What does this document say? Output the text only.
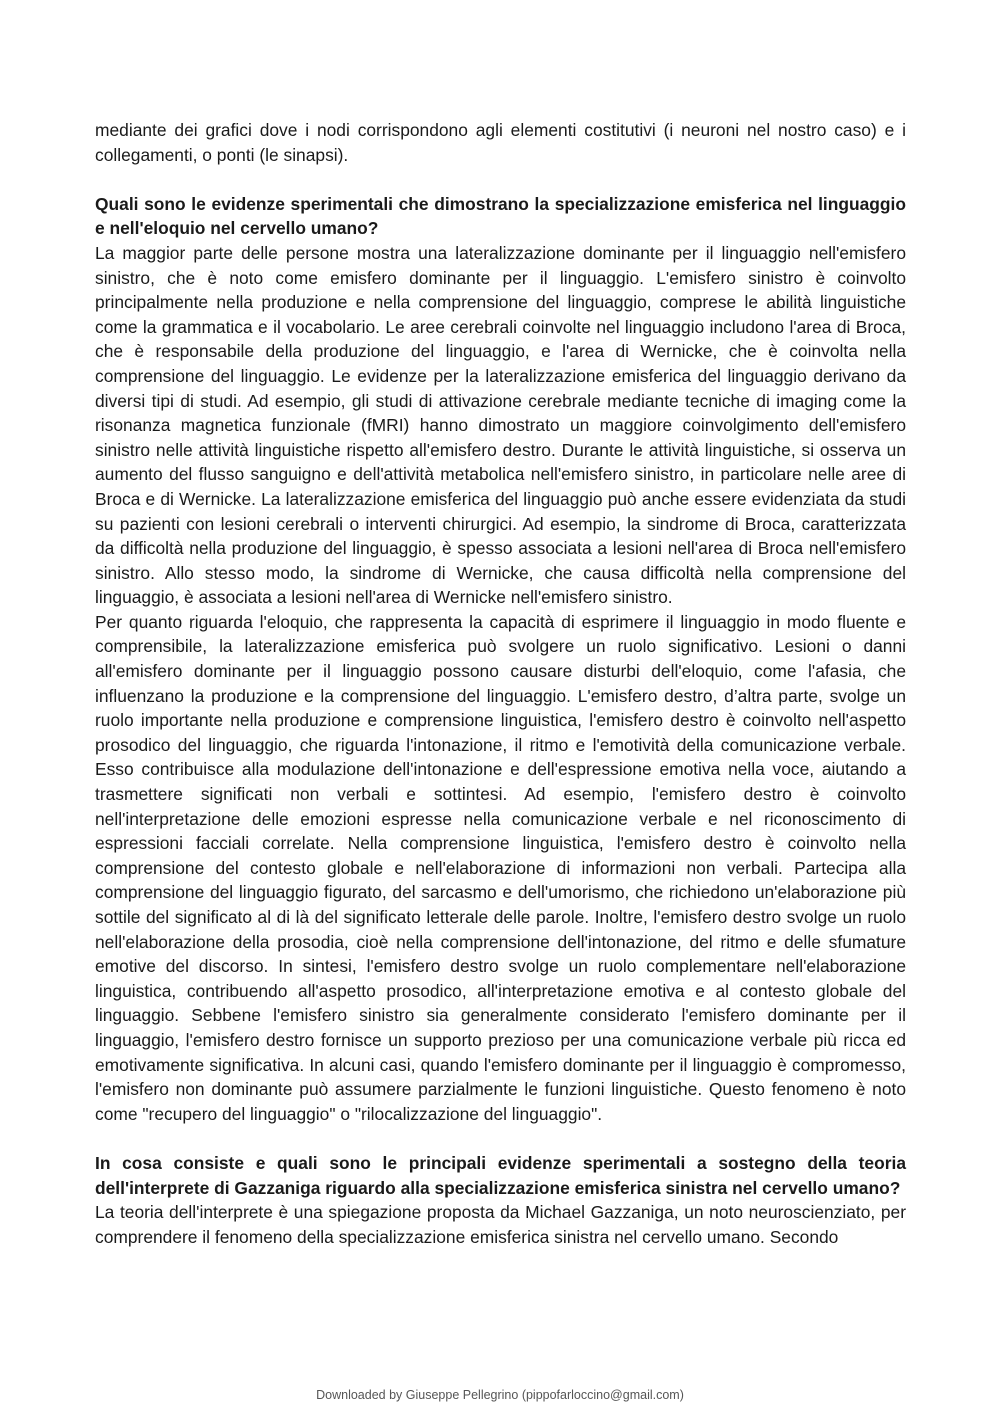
mediante dei grafici dove i nodi corrispondono agli elementi costitutivi (i neuroni nel nostro caso) e i collegamenti, o ponti (le sinapsi).

Quali sono le evidenze sperimentali che dimostrano la specializzazione emisferica nel linguaggio e nell'eloquio nel cervello umano?

La maggior parte delle persone mostra una lateralizzazione dominante per il linguaggio nell'emisfero sinistro, che è noto come emisfero dominante per il linguaggio. L'emisfero sinistro è coinvolto principalmente nella produzione e nella comprensione del linguaggio, comprese le abilità linguistiche come la grammatica e il vocabolario. Le aree cerebrali coinvolte nel linguaggio includono l'area di Broca, che è responsabile della produzione del linguaggio, e l'area di Wernicke, che è coinvolta nella comprensione del linguaggio. Le evidenze per la lateralizzazione emisferica del linguaggio derivano da diversi tipi di studi. Ad esempio, gli studi di attivazione cerebrale mediante tecniche di imaging come la risonanza magnetica funzionale (fMRI) hanno dimostrato un maggiore coinvolgimento dell'emisfero sinistro nelle attività linguistiche rispetto all'emisfero destro. Durante le attività linguistiche, si osserva un aumento del flusso sanguigno e dell'attività metabolica nell'emisfero sinistro, in particolare nelle aree di Broca e di Wernicke. La lateralizzazione emisferica del linguaggio può anche essere evidenziata da studi su pazienti con lesioni cerebrali o interventi chirurgici. Ad esempio, la sindrome di Broca, caratterizzata da difficoltà nella produzione del linguaggio, è spesso associata a lesioni nell'area di Broca nell'emisfero sinistro. Allo stesso modo, la sindrome di Wernicke, che causa difficoltà nella comprensione del linguaggio, è associata a lesioni nell'area di Wernicke nell'emisfero sinistro.

Per quanto riguarda l'eloquio, che rappresenta la capacità di esprimere il linguaggio in modo fluente e comprensibile, la lateralizzazione emisferica può svolgere un ruolo significativo. Lesioni o danni all'emisfero dominante per il linguaggio possono causare disturbi dell'eloquio, come l'afasia, che influenzano la produzione e la comprensione del linguaggio. L'emisfero destro, d’altra parte, svolge un ruolo importante nella produzione e comprensione linguistica, l'emisfero destro è coinvolto nell'aspetto prosodico del linguaggio, che riguarda l'intonazione, il ritmo e l'emotività della comunicazione verbale. Esso contribuisce alla modulazione dell'intonazione e dell'espressione emotiva nella voce, aiutando a trasmettere significati non verbali e sottintesi. Ad esempio, l'emisfero destro è coinvolto nell'interpretazione delle emozioni espresse nella comunicazione verbale e nel riconoscimento di espressioni facciali correlate. Nella comprensione linguistica, l'emisfero destro è coinvolto nella comprensione del contesto globale e nell'elaborazione di informazioni non verbali. Partecipa alla comprensione del linguaggio figurato, del sarcasmo e dell'umorismo, che richiedono un'elaborazione più sottile del significato al di là del significato letterale delle parole. Inoltre, l'emisfero destro svolge un ruolo nell'elaborazione della prosodia, cioè nella comprensione dell'intonazione, del ritmo e delle sfumature emotive del discorso. In sintesi, l'emisfero destro svolge un ruolo complementare nell'elaborazione linguistica, contribuendo all'aspetto prosodico, all'interpretazione emotiva e al contesto globale del linguaggio. Sebbene l'emisfero sinistro sia generalmente considerato l'emisfero dominante per il linguaggio, l'emisfero destro fornisce un supporto prezioso per una comunicazione verbale più ricca ed emotivamente significativa. In alcuni casi, quando l'emisfero dominante per il linguaggio è compromesso, l'emisfero non dominante può assumere parzialmente le funzioni linguistiche. Questo fenomeno è noto come "recupero del linguaggio" o "rilocalizzazione del linguaggio".

In cosa consiste e quali sono le principali evidenze sperimentali a sostegno della teoria dell'interprete di Gazzaniga riguardo alla specializzazione emisferica sinistra nel cervello umano?

La teoria dell'interprete è una spiegazione proposta da Michael Gazzaniga, un noto neuroscienziato, per comprendere il fenomeno della specializzazione emisferica sinistra nel cervello umano. Secondo

Downloaded by Giuseppe Pellegrino (pippofarloccino@gmail.com)
